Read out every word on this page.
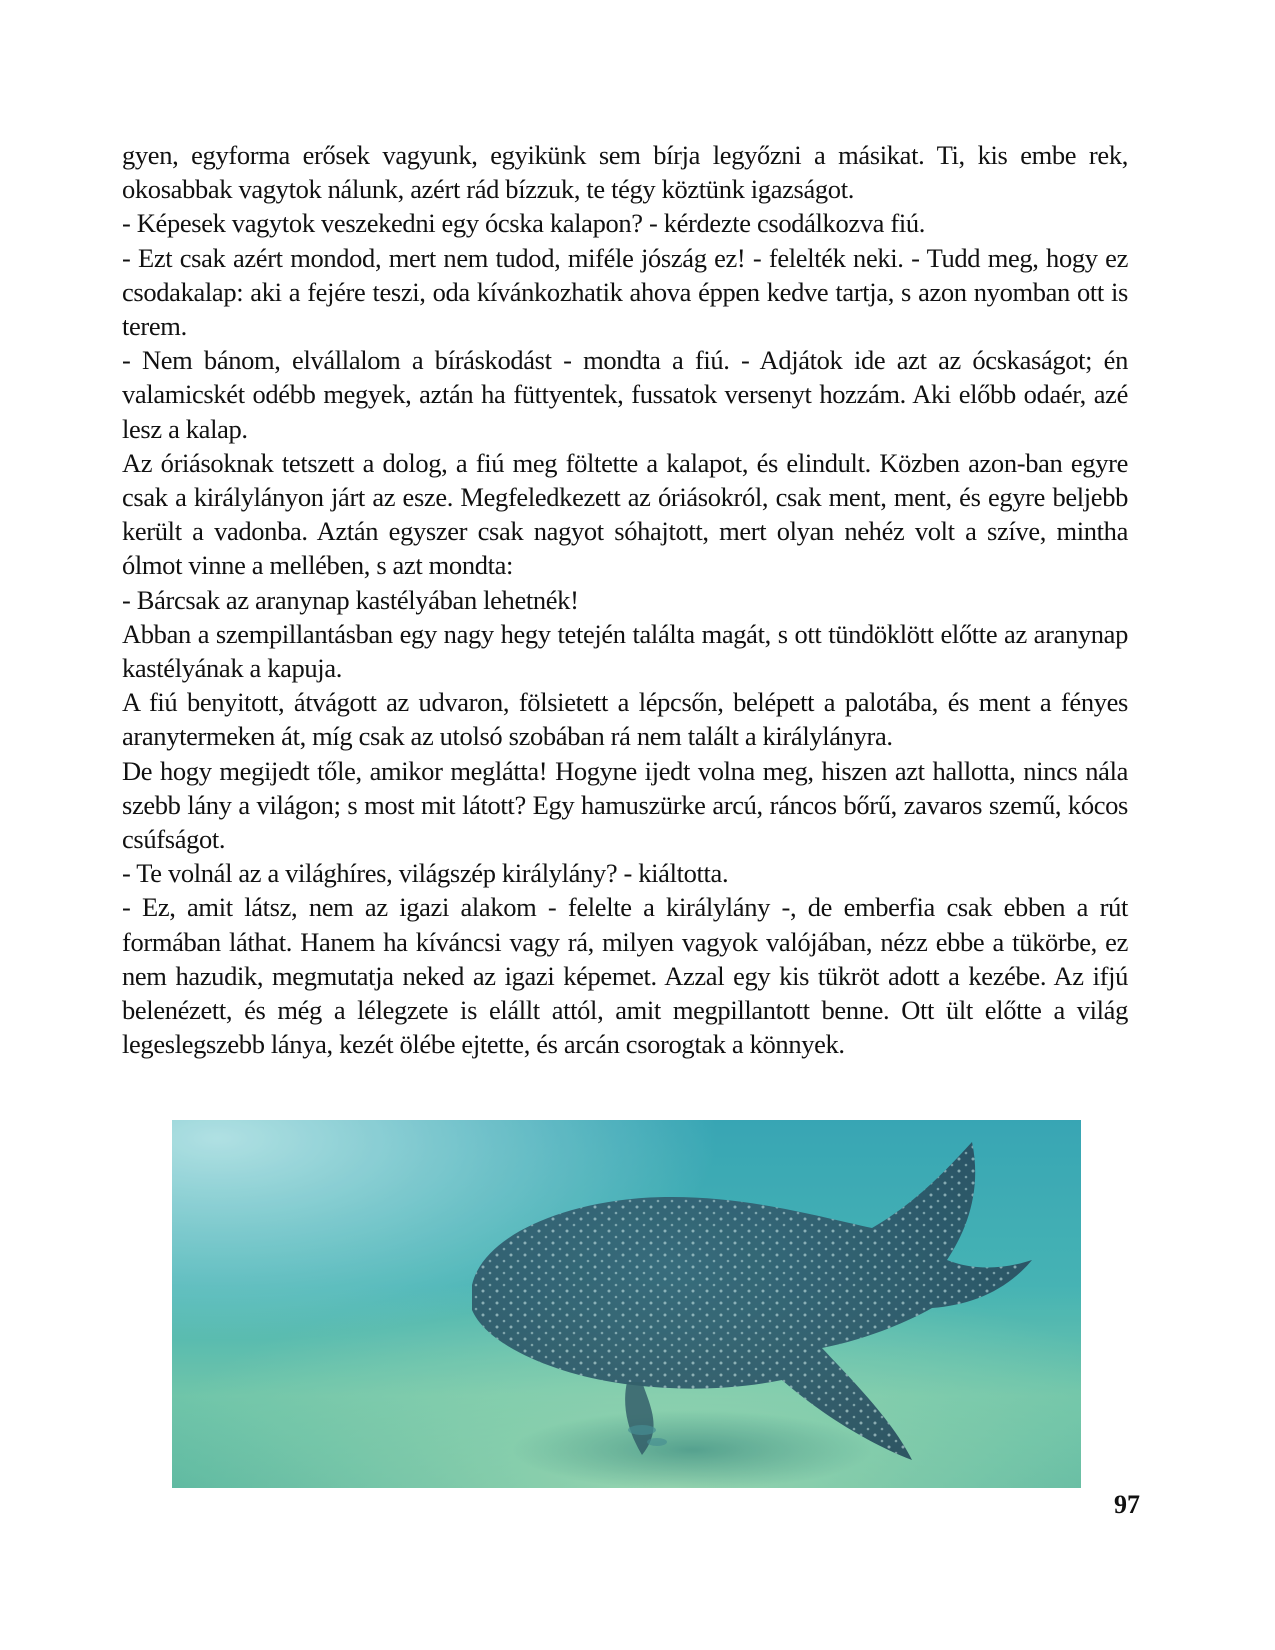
gyen, egyforma erősek vagyunk, egyikünk sem bírja legyőzni a másikat. Ti, kis embe rek, okosabbak vagytok nálunk, azért rád bízzuk, te tégy köztünk igazságot.

- Képesek vagytok veszekedni egy ócska kalapon? - kérdezte csodálkozva fiú.

- Ezt csak azért mondod, mert nem tudod, miféle jószág ez! - felelték neki. - Tudd meg, hogy ez csodakalap: aki a fejére teszi, oda kívánkozhatik ahova éppen kedve tartja, s azon nyomban ott is terem.

- Nem bánom, elvállalom a bíráskodást - mondta a fiú. - Adjátok ide azt az ócskaságot; én valamicskét odébb megyek, aztán ha füttyentek, fussatok versenyt hozzám. Aki előbb odaér, azé lesz a kalap.

Az óriásoknak tetszett a dolog, a fiú meg föltette a kalapot, és elindult. Közben azon-ban egyre csak a királylányon járt az esze. Megfeledkezett az óriásokról, csak ment, ment, és egyre beljebb került a vadonba. Aztán egyszer csak nagyot sóhajtott, mert olyan nehéz volt a szíve, mintha ólmot vinne a mellében, s azt mondta:

- Bárcsak az aranynap kastélyában lehetnék!

Abban a szempillantásban egy nagy hegy tetején találta magát, s ott tündöklött előtte az aranynap kastélyának a kapuja.

A fiú benyitott, átvágott az udvaron, fölsietett a lépcsőn, belépett a palotába, és ment a fényes aranytermeken át, míg csak az utolsó szobában rá nem talált a királylányra.

De hogy megijedt tőle, amikor meglátta! Hogyne ijedt volna meg, hiszen azt hallotta, nincs nála szebb lány a világon; s most mit látott? Egy hamuszürke arcú, ráncos bőrű, zavaros szemű, kócos csúfságot.

- Te volnál az a világhíres, világszép királylány? - kiáltotta.

- Ez, amit látsz, nem az igazi alakom - felelte a királylány -, de emberfia csak ebben a rút formában láthat. Hanem ha kíváncsi vagy rá, milyen vagyok valójában, nézz ebbe a tükörbe, ez nem hazudik, megmutatja neked az igazi képemet. Azzal egy kis tükröt adott a kezébe. Az ifjú belenézett, és még a lélegzete is elállt attól, amit megpillantott benne. Ott ült előtte a világ legeslegszebb lánya, kezét ölébe ejtette, és arcán csorogtak a könnyek.

97
